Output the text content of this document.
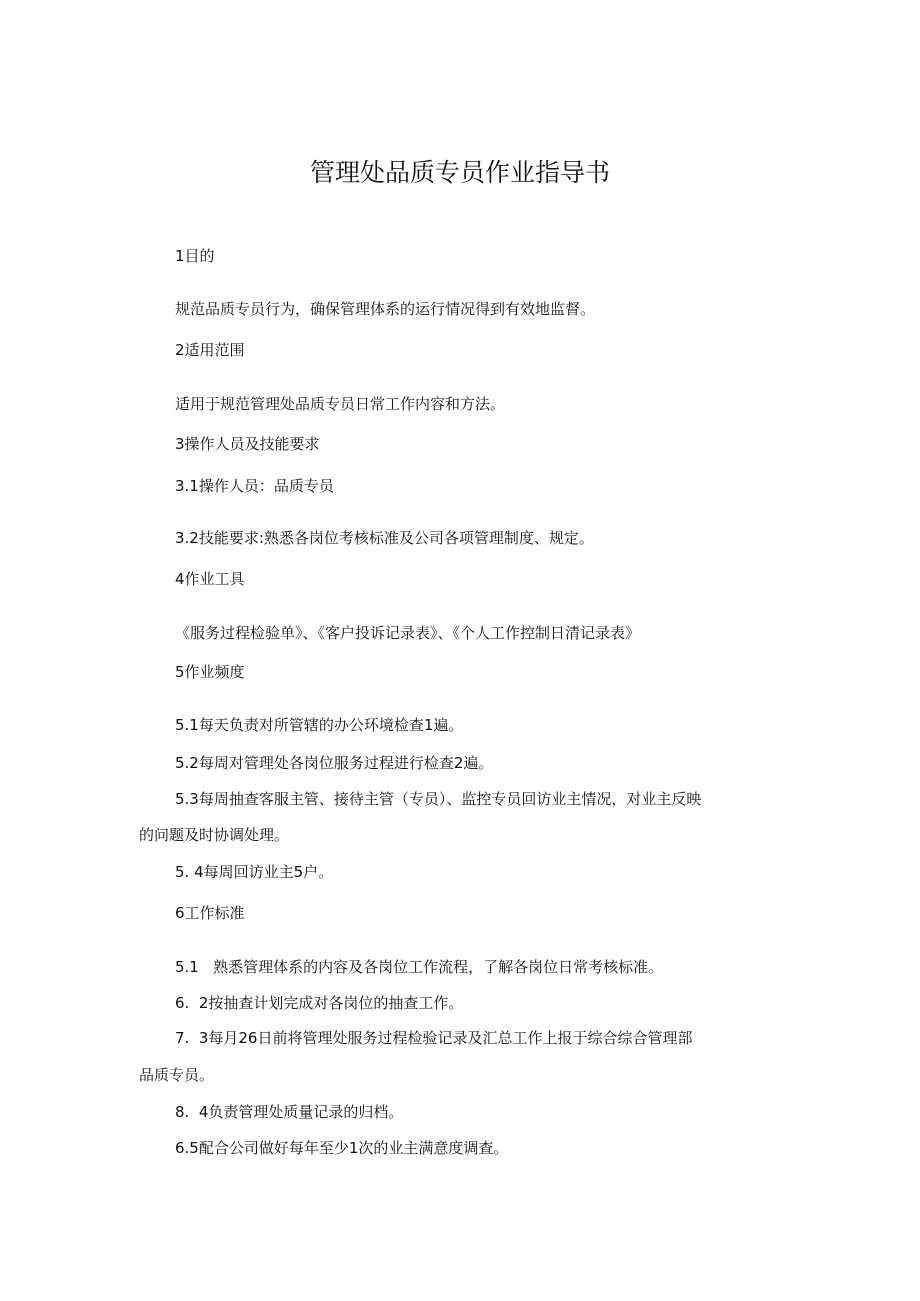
管理处品质专员作业指导书
1目的
规范品质专员行为，确保管理体系的运行情况得到有效地监督。
2适用范围
适用于规范管理处品质专员日常工作内容和方法。
3操作人员及技能要求
3.1操作人员：品质专员
3.2技能要求:熟悉各岗位考核标准及公司各项管理制度、规定。
4作业工具
《服务过程检验单》、《客户投诉记录表》、《个人工作控制日清记录表》
5作业频度
5.1每天负责对所管辖的办公环境检查1遍。
5.2每周对管理处各岗位服务过程进行检查2遍。
5.3每周抽查客服主管、接待主管（专员）、监控专员回访业主情况，对业主反映
的问题及时协调处理。
5. 4每周回访业主5户。
6工作标准
5.1   熟悉管理体系的内容及各岗位工作流程，了解各岗位日常考核标准。
6.  2按抽查计划完成对各岗位的抽查工作。
7.  3每月26日前将管理处服务过程检验记录及汇总工作上报于综合综合管理部
品质专员。
8.  4负责管理处质量记录的归档。
6.5配合公司做好每年至少1次的业主满意度调查。
